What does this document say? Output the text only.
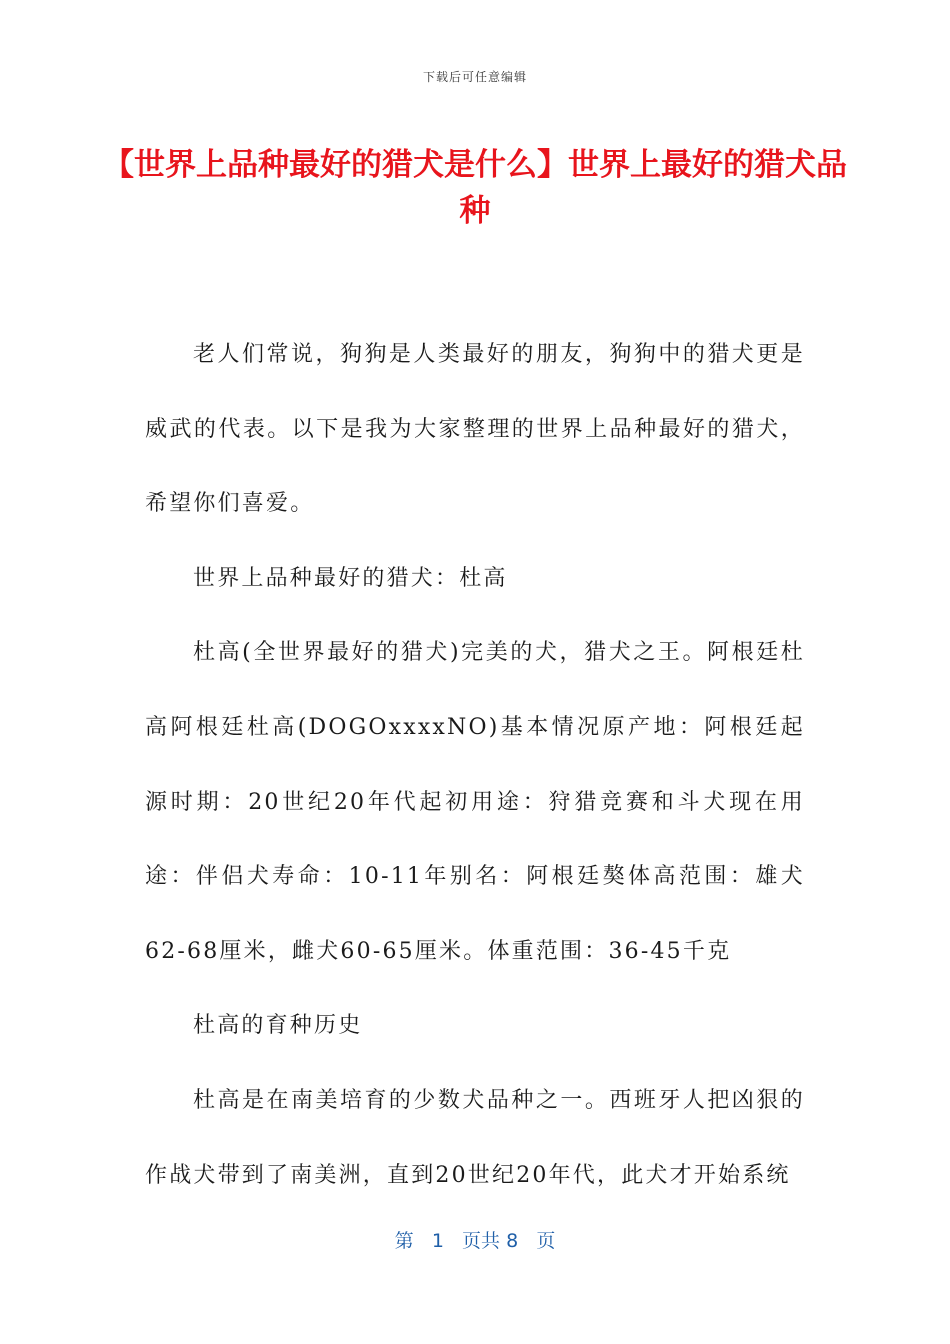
下载后可任意编辑
【世界上品种最好的猎犬是什么】世界上最好的猎犬品种

老人们常说，狗狗是人类最好的朋友，狗狗中的猎犬更是威武的代表。以下是我为大家整理的世界上品种最好的猎犬，希望你们喜爱。

世界上品种最好的猎犬：杜高

杜高(全世界最好的猎犬)完美的犬，猎犬之王。阿根廷杜高阿根廷杜高(DOGOxxxxNO)基本情况原产地：阿根廷起源时期：20世纪20年代起初用途：狩猎竞赛和斗犬现在用途：伴侣犬寿命：10-11年别名：阿根廷獒体高范围：雄犬62-68厘米，雌犬60-65厘米。体重范围：36-45千克

杜高的育种历史

杜高是在南美培育的少数犬品种之一。西班牙人把凶狠的作战犬带到了南美洲，直到20世纪20年代，此犬才开始系统

第 1 页共 8 页
